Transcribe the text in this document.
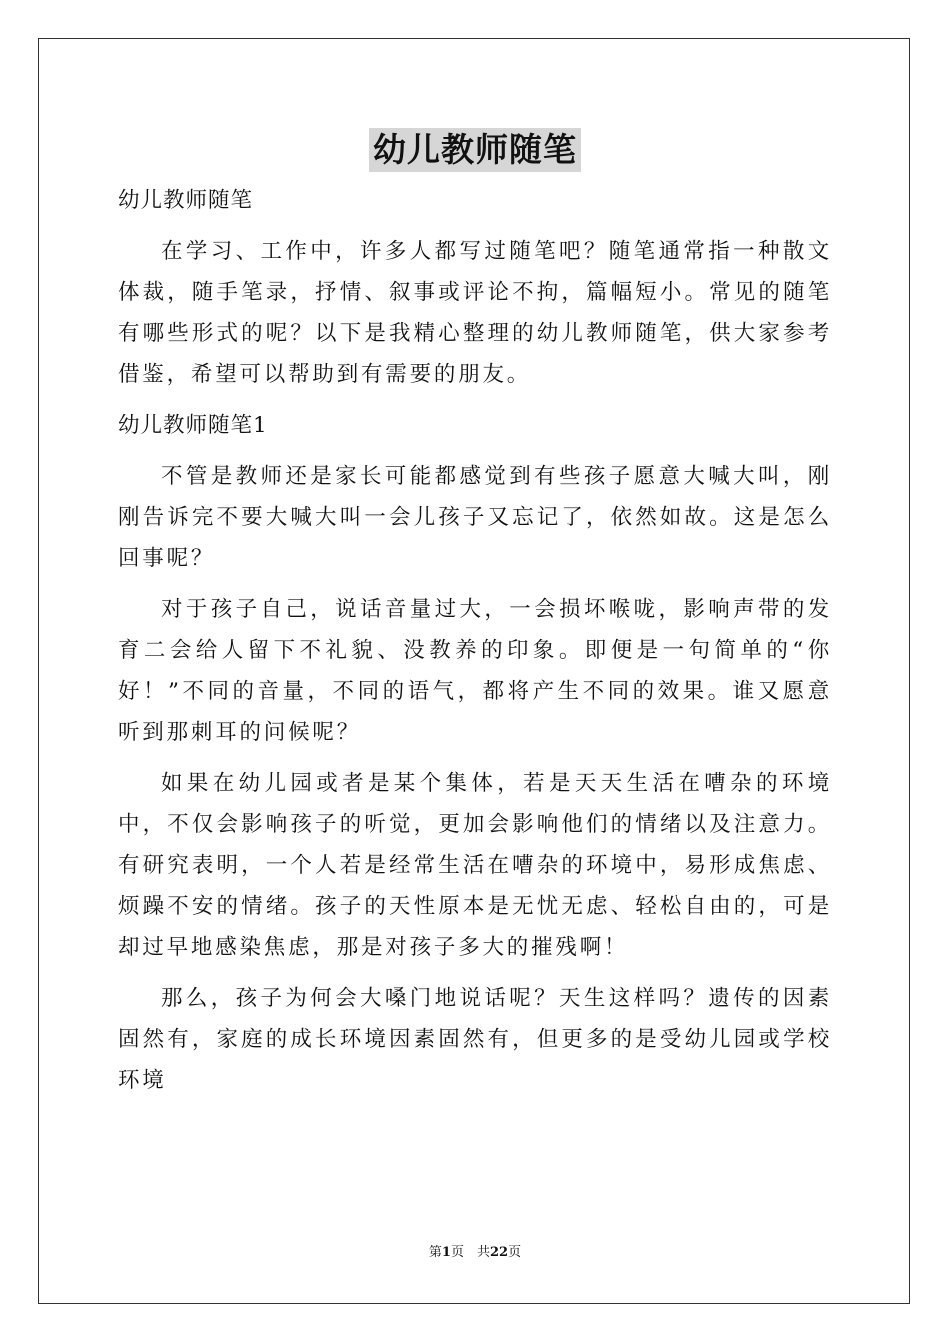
幼儿教师随笔

幼儿教师随笔

在学习、工作中，许多人都写过随笔吧？随笔通常指一种散文体裁，随手笔录，抒情、叙事或评论不拘，篇幅短小。常见的随笔有哪些形式的呢？以下是我精心整理的幼儿教师随笔，供大家参考借鉴，希望可以帮助到有需要的朋友。

幼儿教师随笔1

不管是教师还是家长可能都感觉到有些孩子愿意大喊大叫，刚刚告诉完不要大喊大叫一会儿孩子又忘记了，依然如故。这是怎么回事呢？

对于孩子自己，说话音量过大，一会损坏喉咙，影响声带的发育二会给人留下不礼貌、没教养的印象。即便是一句简单的“你好！”不同的音量，不同的语气，都将产生不同的效果。谁又愿意听到那刺耳的问候呢？

如果在幼儿园或者是某个集体，若是天天生活在嘈杂的环境中，不仅会影响孩子的听觉，更加会影响他们的情绪以及注意力。有研究表明，一个人若是经常生活在嘈杂的环境中，易形成焦虑、烦躁不安的情绪。孩子的天性原本是无忧无虑、轻松自由的，可是却过早地感染焦虑，那是对孩子多大的摧残啊！

那么，孩子为何会大嗓门地说话呢？天生这样吗？遗传的因素固然有，家庭的成长环境因素固然有，但更多的是受幼儿园或学校环境

第1页　共22页
